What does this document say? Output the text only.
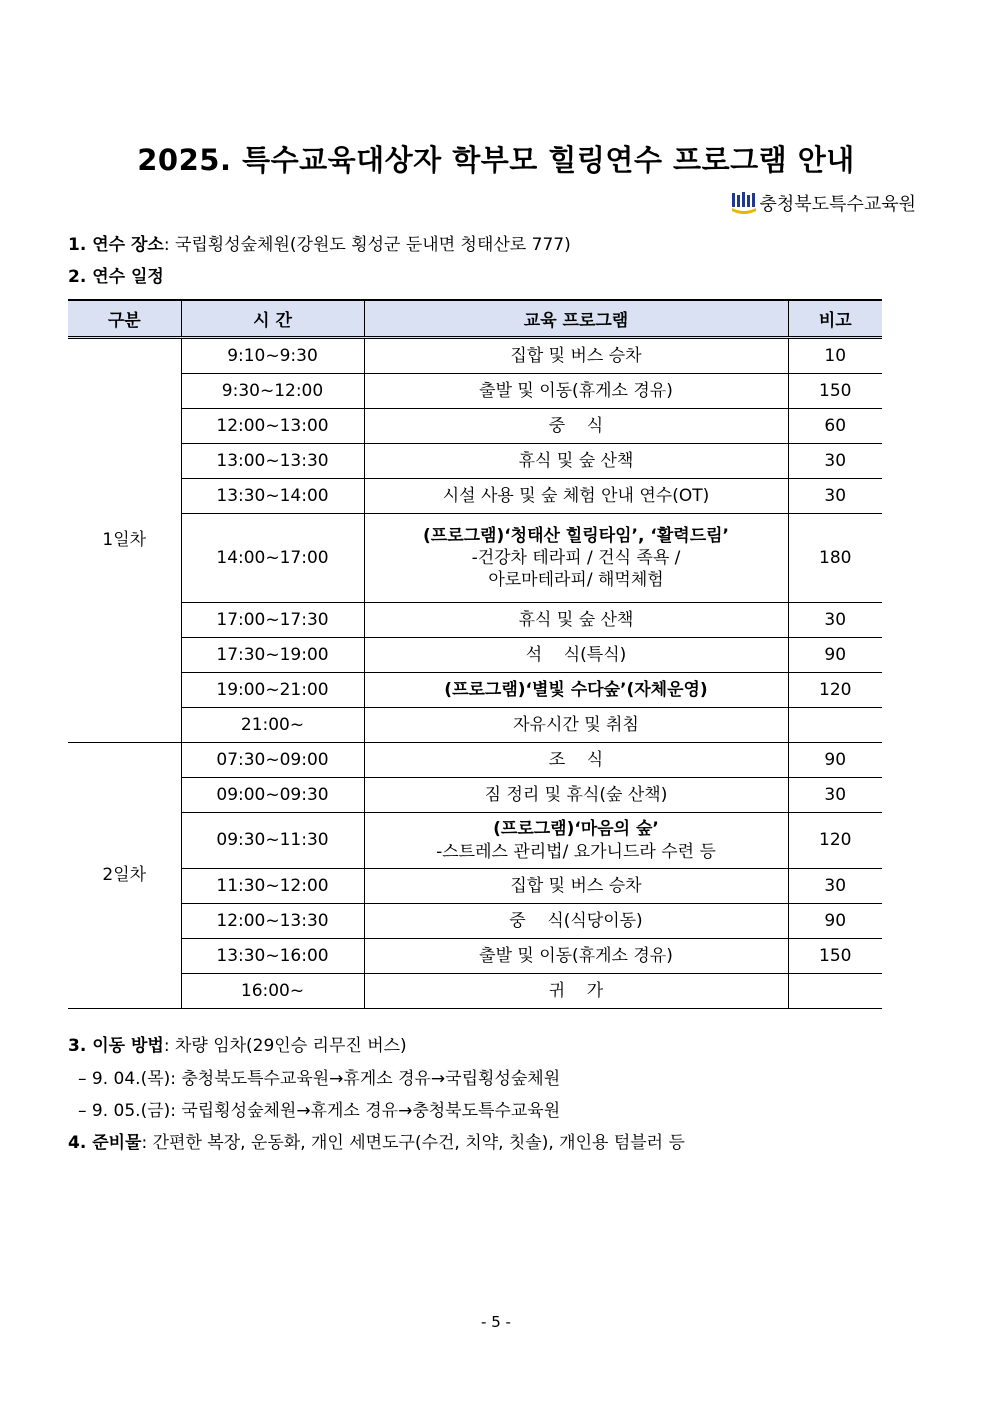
2025. 특수교육대상자 학부모 힐링연수 프로그램 안내
충청북도특수교육원
1. 연수 장소: 국립횡성숲체원(강원도 횡성군 둔내면 청태산로 777)
2. 연수 일정
구분	시 간	교육 프로그램	비고
1일차	9:10~9:30	집합 및 버스 승차	10
	9:30~12:00	출발 및 이동(휴게소 경유)	150
	12:00~13:00	중    식	60
	13:00~13:30	휴식 및 숲 산책	30
	13:30~14:00	시설 사용 및 숲 체험 안내 연수(OT)	30
	14:00~17:00	(프로그램)‘청태산 힐링타임’, ‘활력드림’
-건강차 테라피 / 건식 족욕 /
아로마테라피/ 해먹체험	180
	17:00~17:30	휴식 및 숲 산책	30
	17:30~19:00	석    식(특식)	90
	19:00~21:00	(프로그램)‘별빛 수다숲’(자체운영)	120
	21:00~	자유시간 및 취침	
2일차	07:30~09:00	조    식	90
	09:00~09:30	짐 정리 및 휴식(숲 산책)	30
	09:30~11:30	(프로그램)‘마음의 숲’
-스트레스 관리법/ 요가니드라 수련 등	120
	11:30~12:00	집합 및 버스 승차	30
	12:00~13:30	중    식(식당이동)	90
	13:30~16:00	출발 및 이동(휴게소 경유)	150
	16:00~	귀    가	
3. 이동 방법: 차량 임차(29인승 리무진 버스)
– 9. 04.(목): 충청북도특수교육원→휴게소 경유→국립횡성숲체원
– 9. 05.(금): 국립횡성숲체원→휴게소 경유→충청북도특수교육원
4. 준비물: 간편한 복장, 운동화, 개인 세면도구(수건, 치약, 칫솔), 개인용 텀블러 등
- 5 -
